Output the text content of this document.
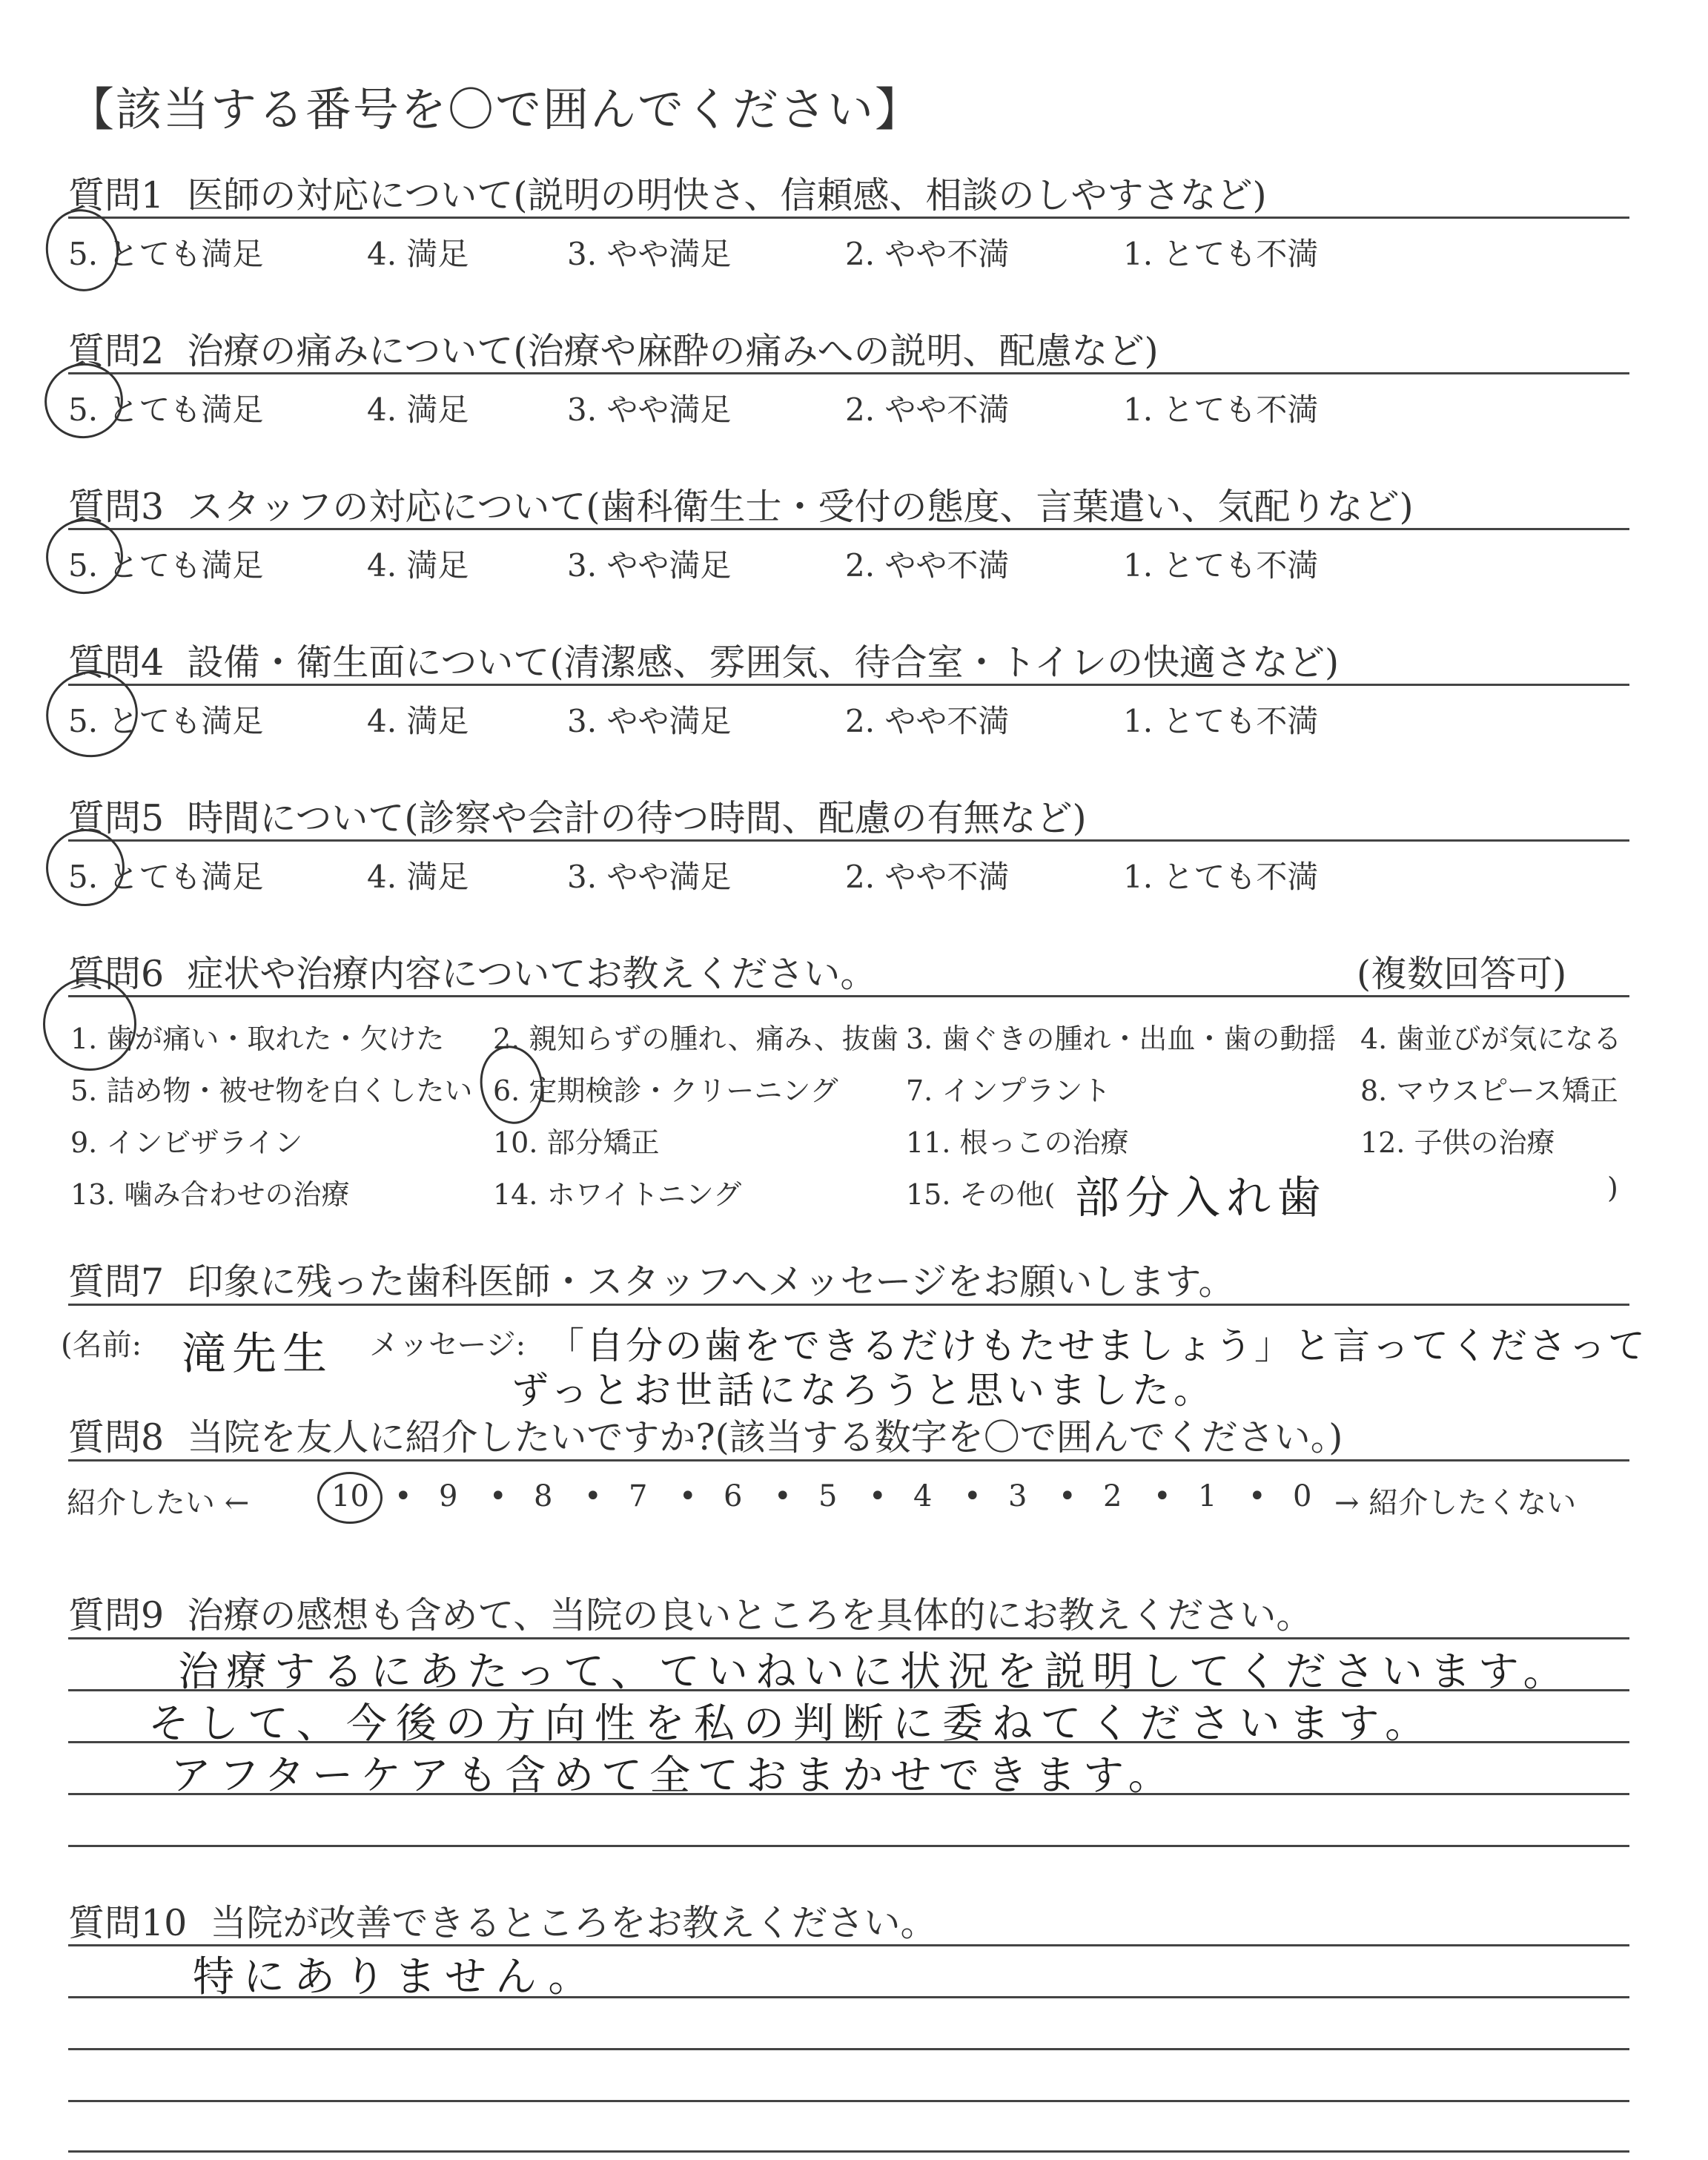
【該当する番号を〇で囲んでください】
質問1 医師の対応について(説明の明快さ、信頼感、相談のしやすさなど)
5. とても満足	4. 満足	3. やや満足	2. やや不満	1. とても不満
質問2 治療の痛みについて(治療や麻酔の痛みへの説明、配慮など)
5. とても満足	4. 満足	3. やや満足	2. やや不満	1. とても不満
質問3 スタッフの対応について(歯科衛生士・受付の態度、言葉遣い、気配りなど)
5. とても満足	4. 満足	3. やや満足	2. やや不満	1. とても不満
質問4 設備・衛生面について(清潔感、雰囲気、待合室・トイレの快適さなど)
5. とても満足	4. 満足	3. やや満足	2. やや不満	1. とても不満
質問5 時間について(診察や会計の待つ時間、配慮の有無など)
5. とても満足	4. 満足	3. やや満足	2. やや不満	1. とても不満
質問6 症状や治療内容についてお教えください。	(複数回答可)
1. 歯が痛い・取れた・欠けた 2. 親知らずの腫れ、痛み、抜歯 3. 歯ぐきの腫れ・出血・歯の動揺 4. 歯並びが気になる
5. 詰め物・被せ物を白くしたい 6. 定期検診・クリーニング 7. インプラント	8. マウスピース矯正
9. インビザライン	10. 部分矯正	11. 根っこの治療	12. 子供の治療
13. 噛み合わせの治療	14. ホワイトニング	15. その他( 部分入れ歯	)
質問7 印象に残った歯科医師・スタッフへメッセージをお願いします。
(名前: 滝先生 メッセージ: 「自分の歯をできるだけもたせましょう」と言ってくださって
ずっとお世話になろうと思いました。
質問8 当院を友人に紹介したいですか?(該当する数字を〇で囲んでください。)
紹介したい ←	10 9	8	7	6	5	4	3	2	1	0
•	•	•	•	•	•	•	•	•	• → 紹介したくない
質問9 治療の感想も含めて、当院の良いところを具体的にお教えください。
治療するにあたって、ていねいに状況を説明してくださいます。
そして、今後の方向性を私の判断に委ねてくださいます。
アフターケアも含めて全ておまかせできます。
質問10 当院が改善できるところをお教えください。
特にありません。
